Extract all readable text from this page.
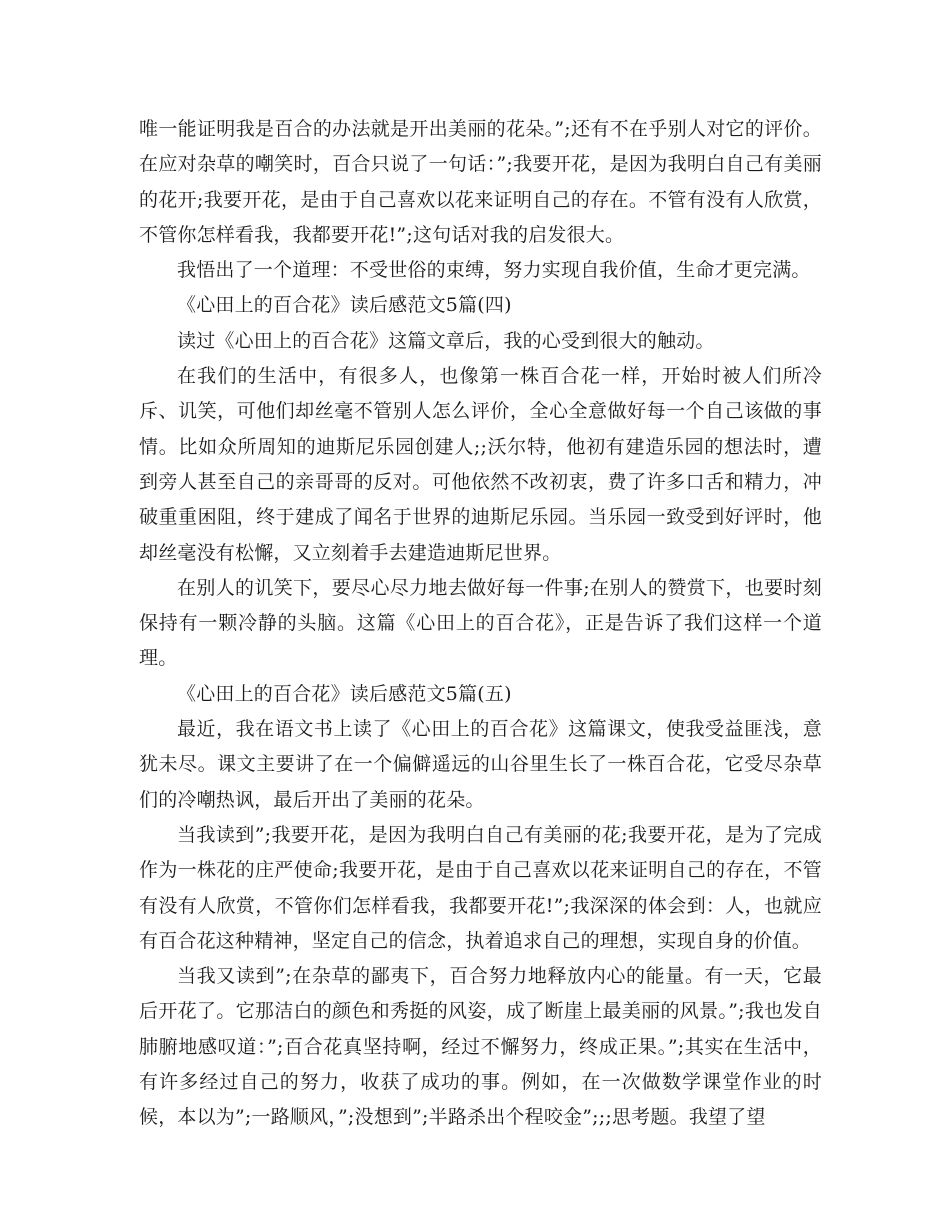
唯一能证明我是百合的办法就是开出美丽的花朵。”;还有不在乎别人对它的评价。在应对杂草的嘲笑时，百合只说了一句话：”;我要开花，是因为我明白自己有美丽的花开;我要开花，是由于自己喜欢以花来证明自己的存在。不管有没有人欣赏，不管你怎样看我，我都要开花!”;这句话对我的启发很大。

我悟出了一个道理：不受世俗的束缚，努力实现自我价值，生命才更完满。

《心田上的百合花》读后感范文5篇(四)

读过《心田上的百合花》这篇文章后，我的心受到很大的触动。

在我们的生活中，有很多人，也像第一株百合花一样，开始时被人们所冷斥、讥笑，可他们却丝毫不管别人怎么评价，全心全意做好每一个自己该做的事情。比如众所周知的迪斯尼乐园创建人;;沃尔特，他初有建造乐园的想法时，遭到旁人甚至自己的亲哥哥的反对。可他依然不改初衷，费了许多口舌和精力，冲破重重困阻，终于建成了闻名于世界的迪斯尼乐园。当乐园一致受到好评时，他却丝毫没有松懈，又立刻着手去建造迪斯尼世界。

在别人的讥笑下，要尽心尽力地去做好每一件事;在别人的赞赏下，也要时刻保持有一颗冷静的头脑。这篇《心田上的百合花》，正是告诉了我们这样一个道理。

《心田上的百合花》读后感范文5篇(五)

最近，我在语文书上读了《心田上的百合花》这篇课文，使我受益匪浅，意犹未尽。课文主要讲了在一个偏僻遥远的山谷里生长了一株百合花，它受尽杂草们的冷嘲热讽，最后开出了美丽的花朵。

当我读到”;我要开花，是因为我明白自己有美丽的花;我要开花，是为了完成作为一株花的庄严使命;我要开花，是由于自己喜欢以花来证明自己的存在，不管有没有人欣赏，不管你们怎样看我，我都要开花!”;我深深的体会到：人，也就应有百合花这种精神，坚定自己的信念，执着追求自己的理想，实现自身的价值。

当我又读到”;在杂草的鄙夷下，百合努力地释放内心的能量。有一天，它最后开花了。它那洁白的颜色和秀挺的风姿，成了断崖上最美丽的风景。”;我也发自肺腑地感叹道：”;百合花真坚持啊，经过不懈努力，终成正果。”;其实在生活中，有许多经过自己的努力，收获了成功的事。例如，在一次做数学课堂作业的时候，本以为”;一路顺风，”;没想到”;半路杀出个程咬金”;;;思考题。我望了望
